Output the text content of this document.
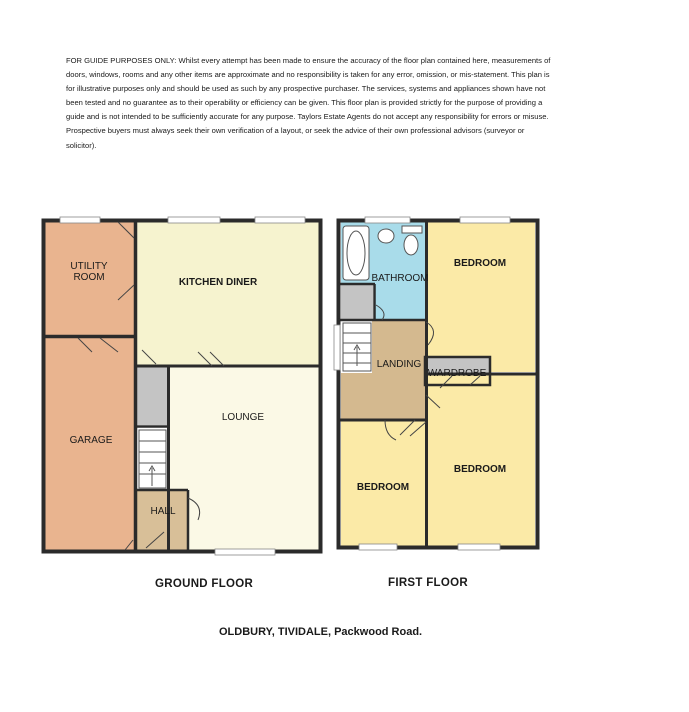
FOR GUIDE PURPOSES ONLY: Whilst every attempt has been made to ensure the accuracy of the floor plan contained here, measurements of doors, windows, rooms and any other items are approximate and no responsibility is taken for any error, omission, or mis-statement. This plan is for illustrative purposes only and should be used as such by any prospective purchaser. The services, systems and appliances shown have not been tested and no guarantee as to their operability or efficiency can be given. This floor plan is provided strictly for the purpose of providing a guide and is not intended to be sufficiently accurate for any purpose. Taylors Estate Agents do not accept any responsibility for errors or misuse. Prospective buyers must always seek their own verification of a layout, or seek the advice of their own professional advisors (surveyor or solicitor).
UTILITY
ROOM
GARAGE
KITCHEN DINER
LOUNGE
HALL
BATHROOM
BEDROOM
LANDING
WARDROBE
BEDROOM
BEDROOM
GROUND FLOOR	FIRST FLOOR
OLDBURY, TIVIDALE, Packwood Road.
